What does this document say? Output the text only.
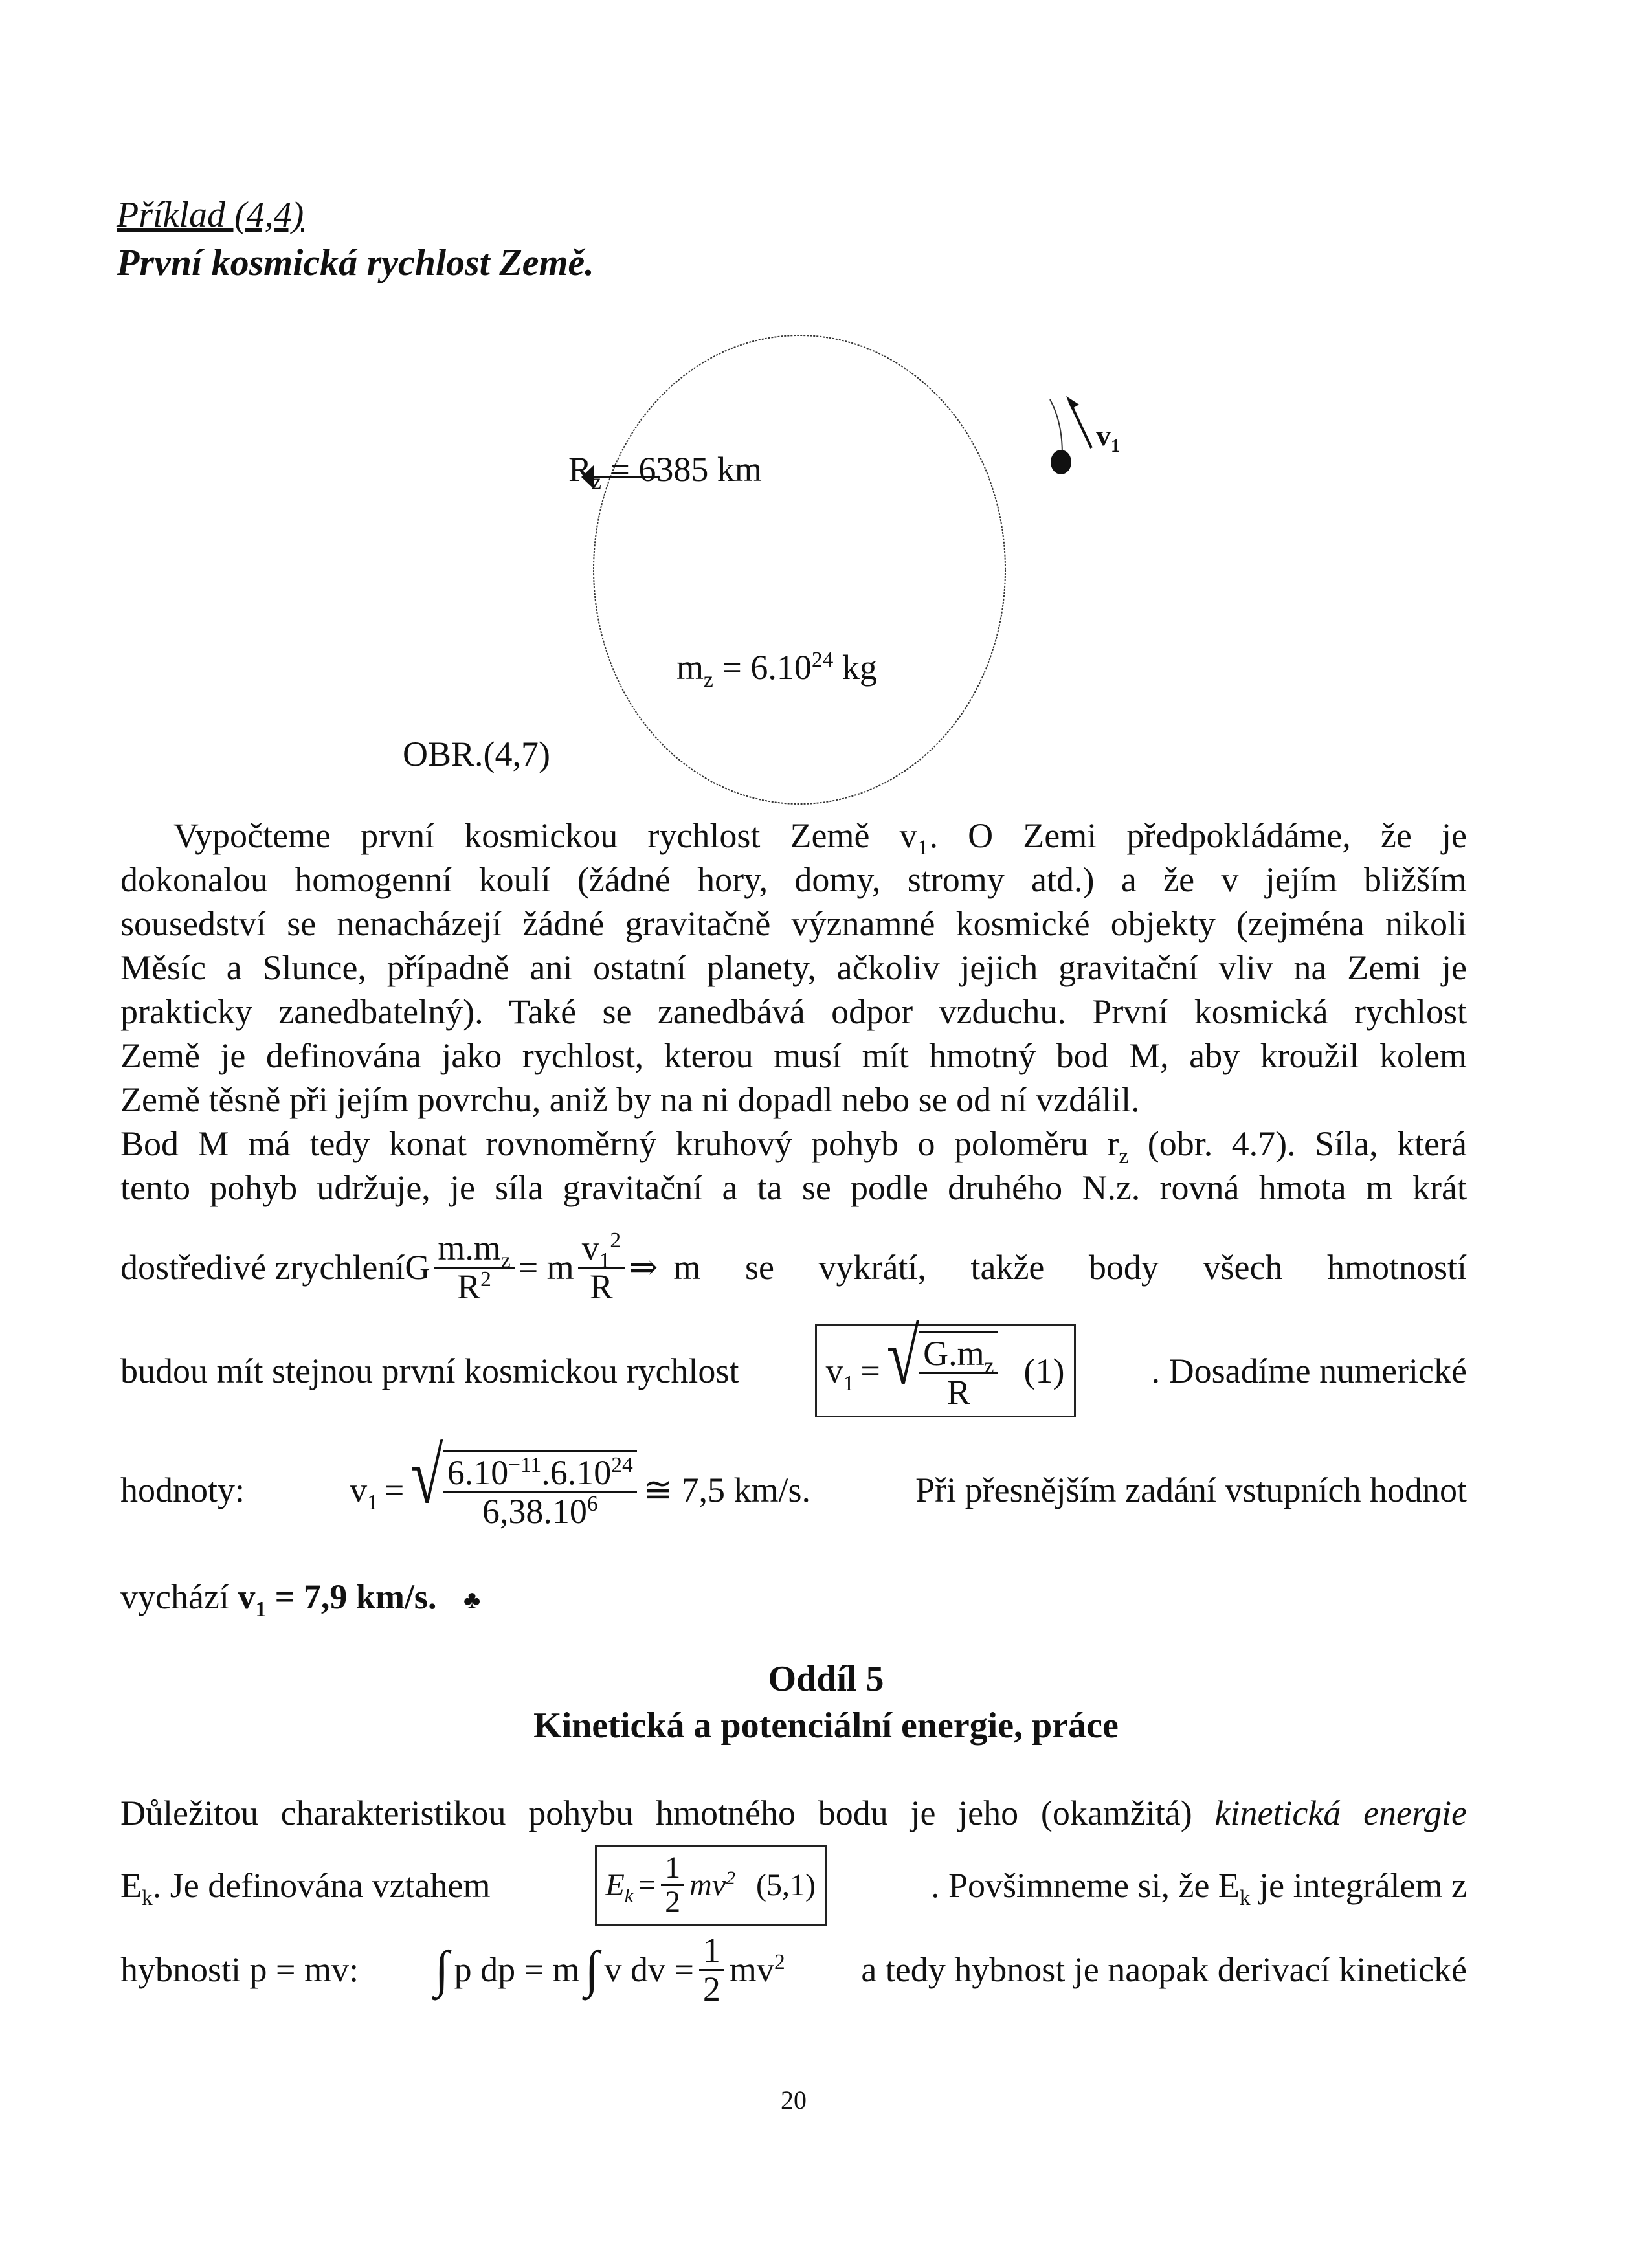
Příklad (4,4)
První kosmická rychlost Země.
$R_z = 6385$ km
$m_z = 6.10^{24}$ kg
$v_1$
OBR.(4,7)
Vypočteme první kosmickou rychlost Země v₁. O Zemi předpokládáme, že je
dokonalou homogenní koulí (žádné hory, domy, stromy atd.) a že v jejím bližším
sousedství se nenacházejí žádné gravitačně významné kosmické objekty (zejména nikoli
Měsíc a Slunce, případně ani ostatní planety, ačkoliv jejich gravitační vliv na Zemi je
prakticky zanedbatelný). Také se zanedbává odpor vzduchu. První kosmická rychlost
Země je definována jako rychlost, kterou musí mít hmotný bod M, aby kroužil kolem
Země těsně při jejím povrchu, aniž by na ni dopadl nebo se od ní vzdálil.
Bod M má tedy konat rovnoměrný kruhový pohyb o poloměru $r_z$ (obr. 4.7). Síla, která
tento pohyb udržuje, je síla gravitační a ta se podle druhého N.z. rovná hmota m krát
dostředivé zrychlení G $\frac{m.m_z}{R^2} = m \frac{v_1^2}{R}$ ⇒ m se vykrátí, takže body všech hmotností
budou mít stejnou první kosmickou rychlost $v_1$ = √ $\frac{G.m_z}{R} (1)$ . Dosadíme numerické
hodnoty:	$v_1$ = √ $\frac{6.10^{-11}.6.10^{24}}{6,38.10^6}$ ≅ 7,5 km/s.	Při přesnějším zadání vstupních hodnot
vychází $v_1 = 7,9$ km/s. ♣
Oddíl 5
Kinetická a potenciální energie, práce
Důležitou charakteristikou pohybu hmotného bodu je jeho (okamžitá) kinetická energie
$E_k$. Je definována vztahem	$E_k = \frac{1}{2} mv^2$ (5,1)	. Povšimneme si, že $E_k$ je integrálem z
hybnosti p = mv: ∫ p dp = m ∫ v dv = $\frac{1}{2} mv^2$ a tedy hybnost je naopak derivací kinetické
20
